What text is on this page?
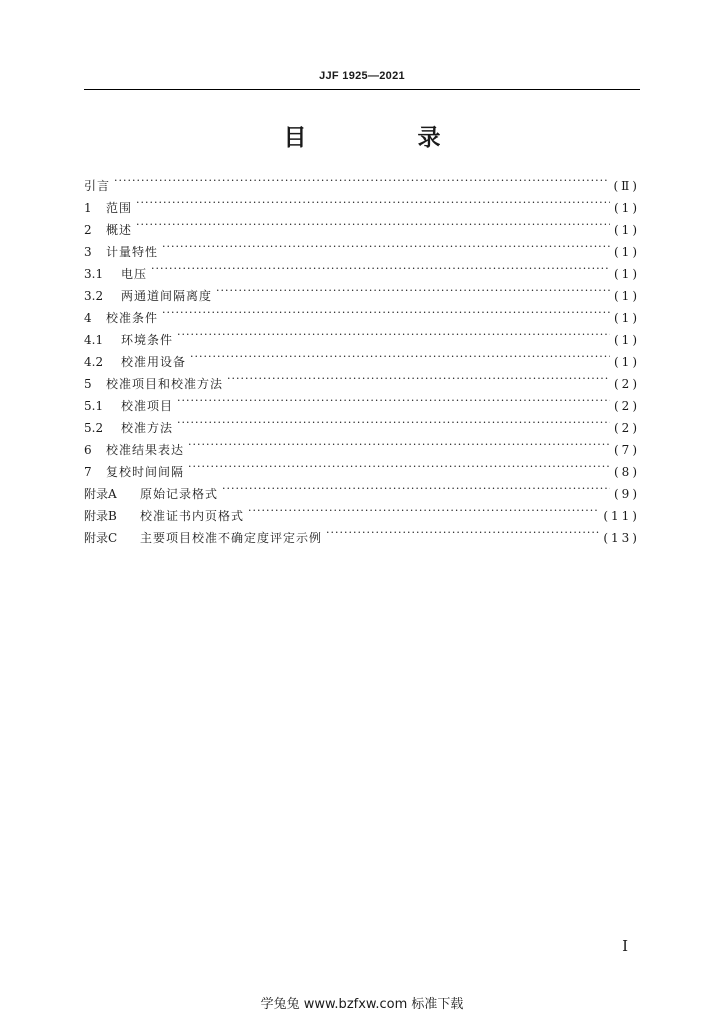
JJF 1925—2021
目　录
引言 ·····	(Ⅱ)
1	范围 ·····	(1)
2	概述 ·····	(1)
3	计量特性 ·····	(1)
3.1	电压 ·····	(1)
3.2	两通道间隔离度 ·····	(1)
4	校准条件 ·····	(1)
4.1	环境条件 ·····	(1)
4.2	校准用设备 ·····	(1)
5	校准项目和校准方法 ·····	(2)
5.1	校准项目 ·····	(2)
5.2	校准方法 ·····	(2)
6	校准结果表达 ·····	(7)
7	复校时间间隔 ·····	(8)
附录A	原始记录格式 ·····	(9)
附录B	校准证书内页格式 ·····	(11)
附录C	主要项目校准不确定度评定示例 ·····	(13)
I
学兔兔 www.bzfxw.com 标准下载
